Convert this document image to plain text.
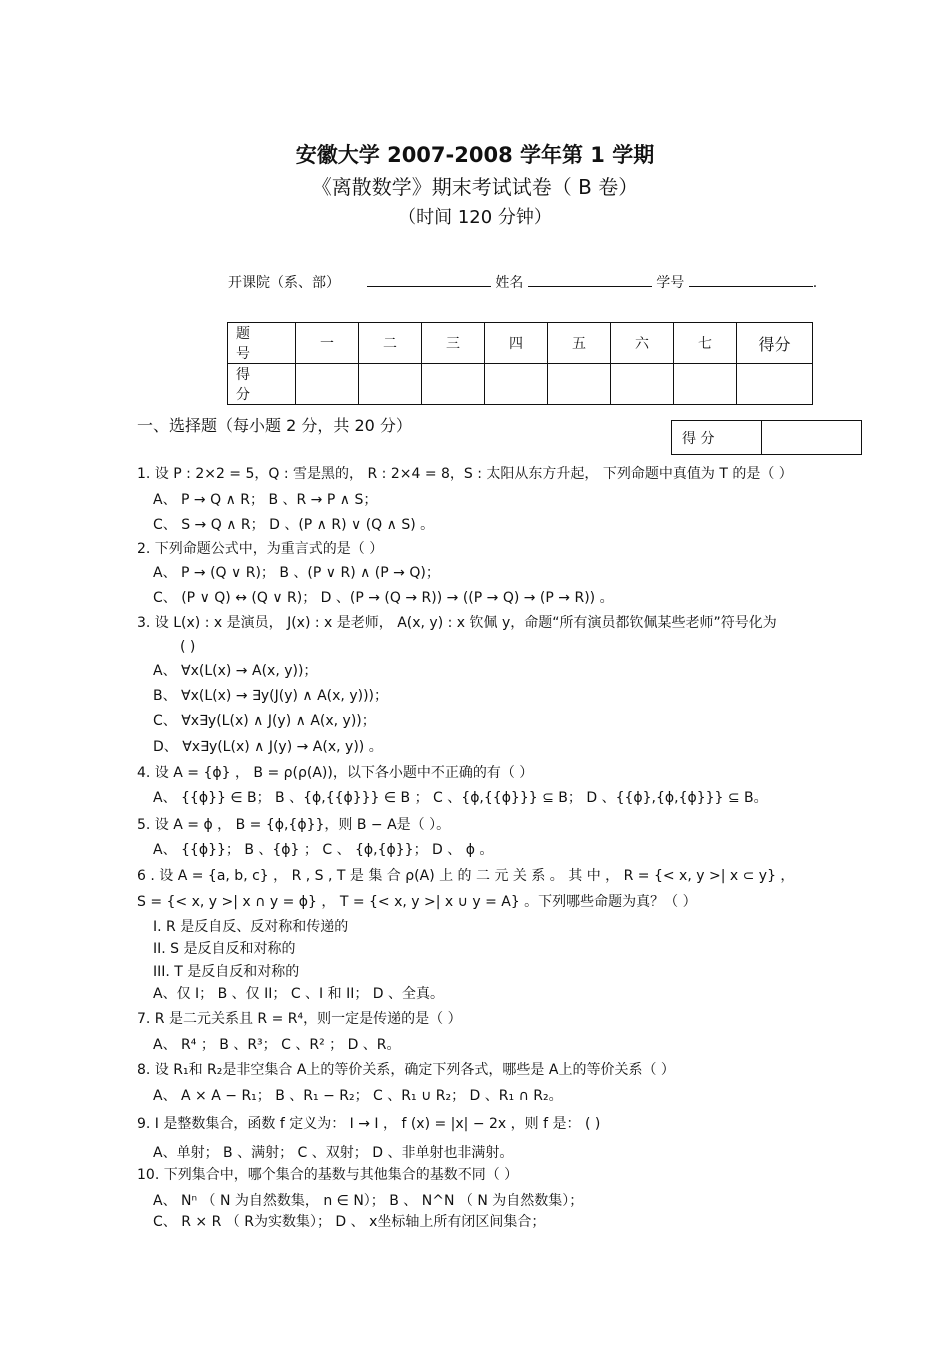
安徽大学 2007-2008 学年第 1 学期
《离散数学》期末考试试卷（ B 卷）
（时间 120 分钟）
开课院（系、部）	姓名	学号	.
题 号	一	二	三	四	五	六	七	得分
得 分								
一、选择题（每小题 2 分，共 20 分）
得 分	
1. 设 P : 2×2 = 5，Q : 雪是黑的， R : 2×4 = 8，S : 太阳从东方升起， 下列命题中真值为 T 的是（ ）
A、 P → Q ∧ R； B 、R → P ∧ S；
C、 S → Q ∧ R； D 、(P ∧ R) ∨ (Q ∧ S) 。
2. 下列命题公式中，为重言式的是（ ）
A、 P → (Q ∨ R)； B 、(P ∨ R) ∧ (P → Q)；
C、 (P ∨ Q) ↔ (Q ∨ R)； D 、(P → (Q → R)) → ((P → Q) → (P → R)) 。
3. 设 L(x) : x 是演员， J(x) : x 是老师， A(x, y) : x 钦佩 y，命题“所有演员都钦佩某些老师”符号化为
( )
A、 ∀x(L(x) → A(x, y))；
B、 ∀x(L(x) → ∃y(J(y) ∧ A(x, y)))；
C、 ∀x∃y(L(x) ∧ J(y) ∧ A(x, y))；
D、 ∀x∃y(L(x) ∧ J(y) → A(x, y)) 。
4. 设 A = {ϕ} ， B = ρ(ρ(A))，以下各小题中不正确的有（ ）
A、 {{ϕ}} ∈ B； B 、{ϕ,{{ϕ}}} ∈ B ； C 、{ϕ,{{ϕ}}} ⊆ B； D 、{{ϕ},{ϕ,{ϕ}}} ⊆ B。
5. 设 A = ϕ ， B = {ϕ,{ϕ}}，则 B − A是（ ）。
A、 {{ϕ}}； B 、{ϕ} ； C 、 {ϕ,{ϕ}}； D 、 ϕ 。
6 . 设 A = {a, b, c} ， R , S , T 是 集 合 ρ(A) 上 的 二 元 关 系 。 其 中 ， R = {< x, y >| x ⊂ y} ，
S = {< x, y >| x ∩ y = ϕ} ， T = {< x, y >| x ∪ y = A} 。下列哪些命题为真？（ ）
I. R 是反自反、反对称和传递的
II. S 是反自反和对称的
III. T 是反自反和对称的
A、仅 I； B 、仅 II； C 、I 和 II； D 、全真。
7. R 是二元关系且 R = R⁴，则一定是传递的是（ ）
A、 R⁴ ； B 、R³； C 、R² ； D 、R。
8. 设 R₁和 R₂是非空集合 A上的等价关系，确定下列各式，哪些是 A上的等价关系（ ）
A、 A × A − R₁； B 、R₁ − R₂； C 、R₁ ∪ R₂； D 、R₁ ∩ R₂。
9. I 是整数集合，函数 f 定义为： I → I ， f (x) = |x| − 2x ，则 f 是： ( )
A、单射； B 、满射； C 、双射； D 、非单射也非满射。
10. 下列集合中，哪个集合的基数与其他集合的基数不同（ ）
A、 Nⁿ （ N 为自然数集， n ∈ N）； B 、 N^N （ N 为自然数集）；
C、 R × R （ R为实数集）； D 、 x坐标轴上所有闭区间集合；
